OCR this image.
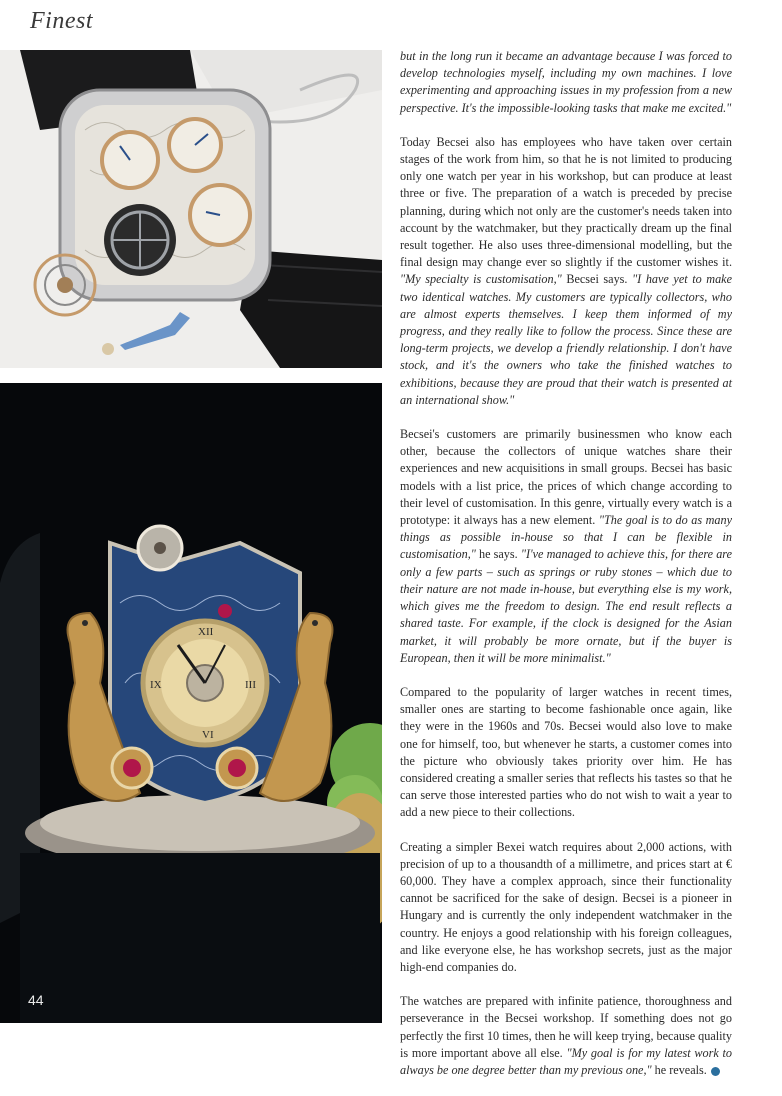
Finest
XII
III
VI
IX
44

but in the long run it became an advantage because I was forced to develop technologies myself, including my own machines. I love experimenting and approaching issues in my profession from a new perspective. It's the impossible-looking tasks that make me excited."

Today Becsei also has employees who have taken over certain stages of the work from him, so that he is not limited to producing only one watch per year in his workshop, but can produce at least three or five. The preparation of a watch is preceded by precise planning, during which not only are the customer's needs taken into account by the watchmaker, but they practically dream up the final result together. He also uses three-dimensional modelling, but the final design may change ever so slightly if the customer wishes it. "My specialty is customisation," Becsei says. "I have yet to make two identical watches. My customers are typically collectors, who are almost experts themselves. I keep them informed of my progress, and they really like to follow the process. Since these are long-term projects, we develop a friendly relationship. I don't have stock, and it's the owners who take the finished watches to exhibitions, because they are proud that their watch is presented at an international show."

Becsei's customers are primarily businessmen who know each other, because the collectors of unique watches share their experiences and new acquisitions in small groups. Becsei has basic models with a list price, the prices of which change according to their level of customisation. In this genre, virtually every watch is a prototype: it always has a new element. "The goal is to do as many things as possible in-house so that I can be flexible in customisation," he says. "I've managed to achieve this, for there are only a few parts – such as springs or ruby stones – which due to their nature are not made in-house, but everything else is my work, which gives me the freedom to design. The end result reflects a shared taste. For example, if the clock is designed for the Asian market, it will probably be more ornate, but if the buyer is European, then it will be more minimalist."

Compared to the popularity of larger watches in recent times, smaller ones are starting to become fashionable once again, like they were in the 1960s and 70s. Becsei would also love to make one for himself, too, but whenever he starts, a customer comes into the picture who obviously takes priority over him. He has considered creating a smaller series that reflects his tastes so that he can serve those interested parties who do not wish to wait a year to add a new piece to their collections.

Creating a simpler Bexei watch requires about 2,000 actions, with precision of up to a thousandth of a millimetre, and prices start at € 60,000. They have a complex approach, since their functionality cannot be sacrificed for the sake of design. Becsei is a pioneer in Hungary and is currently the only independent watchmaker in the country. He enjoys a good relationship with his foreign colleagues, and like everyone else, he has workshop secrets, just as the major high-end companies do.

The watches are prepared with infinite patience, thoroughness and perseverance in the Becsei workshop. If something does not go perfectly the first 10 times, then he will keep trying, because quality is more important above all else. "My goal is for my latest work to always be one degree better than my previous one," he reveals.
